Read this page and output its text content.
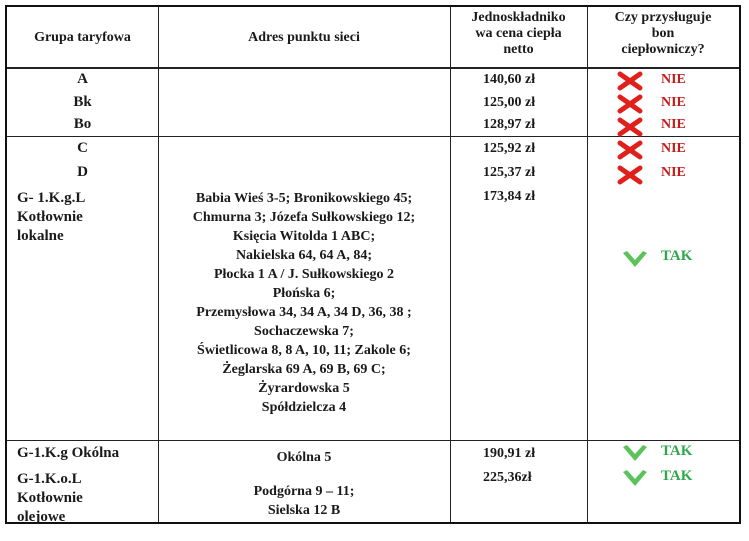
Grupa taryfowa	Adres punktu sieci
Jednoskładniko
wa cena ciepła
netto
Czy przysługuje
bon
ciepłowniczy?
A
Bk
Bo
140,60 zł
125,00 zł
128,97 zł
NIE
NIE
NIE
C
D
G- 1.K.g.L
Kotłownie
lokalne
125,92 zł
125,37 zł
173,84 zł
NIE
NIE
TAK
Babia Wieś 3-5; Bronikowskiego 45;
Chmurna 3; Józefa Sułkowskiego 12;
Księcia Witolda 1 ABC;
Nakielska 64, 64 A, 84;
Płocka 1 A / J. Sułkowskiego 2
Płońska 6;
Przemysłowa 34, 34 A, 34 D, 36, 38 ;
Sochaczewska 7;
Świetlicowa 8, 8 A, 10, 11; Zakole 6;
Żeglarska 69 A, 69 B, 69 C;
Żyrardowska 5
Spółdzielcza 4
G-1.K.g Okólna
G-1.K.o.L
Kotłownie
olejowe
Okólna 5
Podgórna 9 – 11;
Sielska 12 B
190,91 zł
225,36zł
TAK
TAK
